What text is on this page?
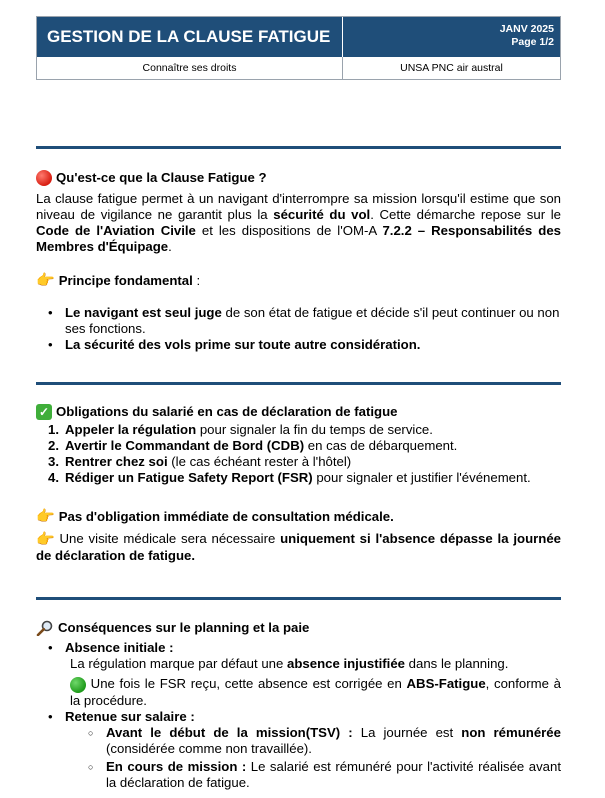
GESTION DE LA CLAUSE FATIGUE	JANV 2025
Page 1/2
Connaître ses droits	UNSA PNC air austral
Qu'est-ce que la Clause Fatigue ?

La clause fatigue permet à un navigant d'interrompre sa mission lorsqu'il estime que son niveau de vigilance ne garantit plus la sécurité du vol. Cette démarche repose sur le Code de l'Aviation Civile et les dispositions de l'OM-A 7.2.2 – Responsabilités des Membres d'Équipage.

👉 Principe fondamental :
• Le navigant est seul juge de son état de fatigue et décide s'il peut continuer ou non ses fonctions.
• La sécurité des vols prime sur toute autre considération.
✓ Obligations du salarié en cas de déclaration de fatigue
1. Appeler la régulation pour signaler la fin du temps de service.
2. Avertir le Commandant de Bord (CDB) en cas de débarquement.
3. Rentrer chez soi (le cas échéant rester à l'hôtel)
4. Rédiger un Fatigue Safety Report (FSR) pour signaler et justifier l'événement.
👉 Pas d'obligation immédiate de consultation médicale.

👉 Une visite médicale sera nécessaire uniquement si l'absence dépasse la journée de déclaration de fatigue.

Conséquences sur le planning et la paie
• Absence initiale :

La régulation marque par défaut une absence injustifiée dans le planning.

Une fois le FSR reçu, cette absence est corrigée en ABS-Fatigue, conforme à la procédure.

• Retenue sur salaire :

○ Avant le début de la mission(TSV) : La journée est non rémunérée (considérée comme non travaillée).

○ En cours de mission : Le salarié est rémunéré pour l'activité réalisée avant la déclaration de fatigue.
